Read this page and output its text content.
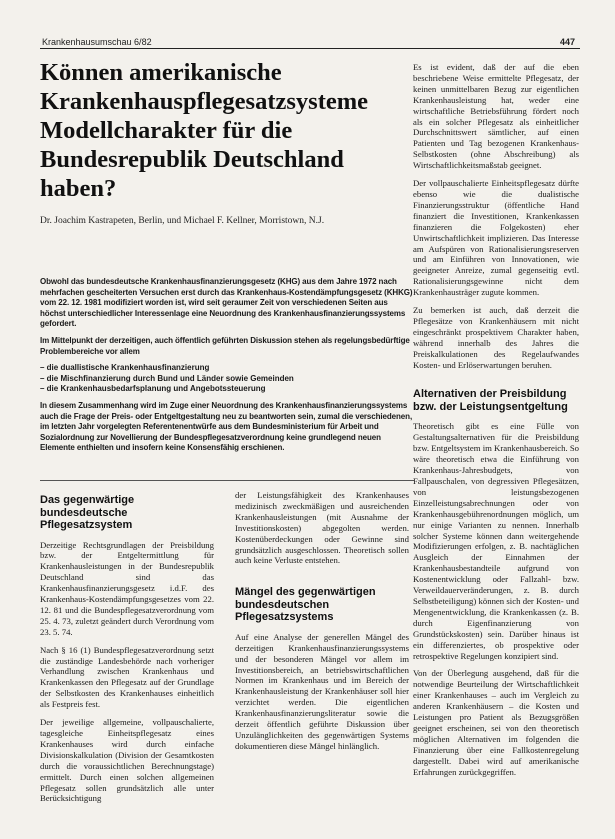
Krankenhausumschau 6/82	447
Können amerikanische
Krankenhauspflegesatzsysteme
Modellcharakter für die
Bundesrepublik Deutschland
haben?
Dr. Joachim Kastrapeten, Berlin, und Michael F. Kellner, Morristown, N.J.

Obwohl das bundesdeutsche Krankenhausfinanzierungsgesetz (KHG) aus dem Jahre 1972 nach mehrfachen gescheiterten Versuchen erst durch das Krankenhaus-Kostendämpfungsgesetz (KHKG) vom 22. 12. 1981 modifiziert worden ist, wird seit geraumer Zeit von verschiedenen Seiten aus höchst unterschiedlicher Interessenlage eine Neuordnung des Krankenhausfinanzierungssystems gefordert.

Im Mittelpunkt der derzeitigen, auch öffentlich geführten Diskussion stehen als regelungsbedürftige Problembereiche vor allem

– die duallistische Krankenhausfinanzierung
– die Mischfinanzierung durch Bund und Länder sowie Gemeinden
– die Krankenhausbedarfsplanung und Angebotssteuerung

In diesem Zusammenhang wird im Zuge einer Neuordnung des Krankenhausfinanzierungssystems auch die Frage der Preis- oder Entgeltgestaltung neu zu beantworten sein, zumal die verschiedenen, im letzten Jahr vorgelegten Referentenentwürfe aus dem Bundesministerium für Arbeit und Sozialordnung zur Novellierung der Bundespflegesatzverordnung keine grundlegend neuen Elemente enthielten und insofern keine Konsensfähig erschienen.

Das gegenwärtige bundesdeutsche Pflegesatzsystem

Derzeitige Rechtsgrundlagen der Preisbildung bzw. der Entgeltermittlung für Krankenhausleistungen in der Bundesrepublik Deutschland sind das Krankenhausfinanzierungsgesetz i.d.F. des Krankenhaus-Kostendämpfungsgesetzes vom 22. 12. 81 und die Bundespflegesatzverordnung vom 25. 4. 73, zuletzt geändert durch Verordnung vom 23. 5. 74.

Nach § 16 (1) Bundespflegesatzverordnung setzt die zuständige Landesbehörde nach vorheriger Verhandlung zwischen Krankenhaus und Krankenkassen den Pflegesatz auf der Grundlage der Selbstkosten des Krankenhauses einheitlich als Festpreis fest.

Der jeweilige allgemeine, vollpauschalierte, tagesgleiche Einheitspflegesatz eines Krankenhauses wird durch einfache Divisionskalkulation (Division der Gesamtkosten durch die voraussichtlichen Berechnungstage) ermittelt. Durch einen solchen allgemeinen Pflegesatz sollen grundsätzlich alle unter Berücksichtigung

der Leistungsfähigkeit des Krankenhauses medizinisch zweckmäßigen und ausreichenden Krankenhausleistungen (mit Ausnahme der Investitionskosten) abgegolten werden. Kostenüberdeckungen oder Gewinne sind grundsätzlich ausgeschlossen. Theoretisch sollen auch keine Verluste entstehen.

Mängel des gegenwärtigen bundesdeutschen Pflegesatzsystems

Auf eine Analyse der generellen Mängel des derzeitigen Krankenhausfinanzierungssystems und der besonderen Mängel vor allem im Investitionsbereich, an betriebswirtschaftlichen Normen im Krankenhaus und im Bereich der Krankenhausleistung der Krankenhäuser soll hier verzichtet werden. Die eigentlichen Krankenhausfinanzierungsliteratur sowie die derzeit öffentlich geführte Diskussion über Unzulänglichkeiten des gegenwärtigen Systems dokumentieren diese Mängel hinlänglich.

Es ist evident, daß der auf die eben beschriebene Weise ermittelte Pflegesatz, der keinen unmittelbaren Bezug zur eigentlichen Krankenhausleistung hat, weder eine wirtschaftliche Betriebsführung fördert noch als ein solcher Pflegesatz als einheitlicher Durchschnittswert sämtlicher, auf einen Patienten und Tag bezogenen Krankenhaus-Selbstkosten (ohne Abschreibung) als Wirtschaftlichkeitsmaßstab geeignet.

Der vollpauschalierte Einheitspflegesatz dürfte ebenso wie die dualistische Finanzierungsstruktur (öffentliche Hand finanziert die Investitionen, Krankenkassen finanzieren die Folgekosten) eher Unwirtschaftlichkeit implizieren. Das Interesse am Aufspüren von Rationalisierungsreserven und am Einführen von Innovationen, wie geeigneter Anreize, zumal gegenseitig evtl. Rationalisierungsgewinne nicht dem Krankenhausträger zugute kommen.

Zu bemerken ist auch, daß derzeit die Pflegesätze von Krankenhäusern mit nicht eingeschränkt prospektivem Charakter haben, während innerhalb des Jahres die Preiskalkulationen des Regelaufwandes Kosten- und Erlöserwartungen beruhen.

Alternativen der Preisbildung bzw. der Leistungsentgeltung

Theoretisch gibt es eine Fülle von Gestaltungsalternativen für die Preisbildung bzw. Entgeltsystem im Krankenhausbereich. So wäre theoretisch etwa die Einführung von Krankenhaus-Jahresbudgets, von Fallpauschalen, von degressiven Pflegesätzen, von leistungsbezogenen Einzelleistungsabrechnungen oder von Krankenhausgebührenordnungen möglich, um nur einige Varianten zu nennen. Innerhalb solcher Systeme können dann weitergehende Modifizierungen erfolgen, z. B. nachtäglichen Ausgleich der Einnahmen der Krankenhausbestandteile aufgrund von Kostenentwicklung oder Fallzahl- bzw. Verweildauerveränderungen, z. B. durch Selbstbeteiligung) können sich der Kosten- und Mengenentwicklung, die Krankenkassen (z. B. durch Eigenfinanzierung von Grundstückskosten) sein. Darüber hinaus ist ein differenziertes, ob prospektive oder retrospektive Regelungen konzipiert sind.

Von der Überlegung ausgehend, daß für die notwendige Beurteilung der Wirtschaftlichkeit einer Krankenhauses – auch im Vergleich zu anderen Krankenhäusern – die Kosten und Leistungen pro Patient als Bezugsgrößen geeignet erscheinen, sei von den theoretisch möglichen Alternativen im folgenden die Finanzierung über eine Fallkostenregelung dargestellt. Dabei wird auf amerikanische Erfahrungen zurückgegriffen.
